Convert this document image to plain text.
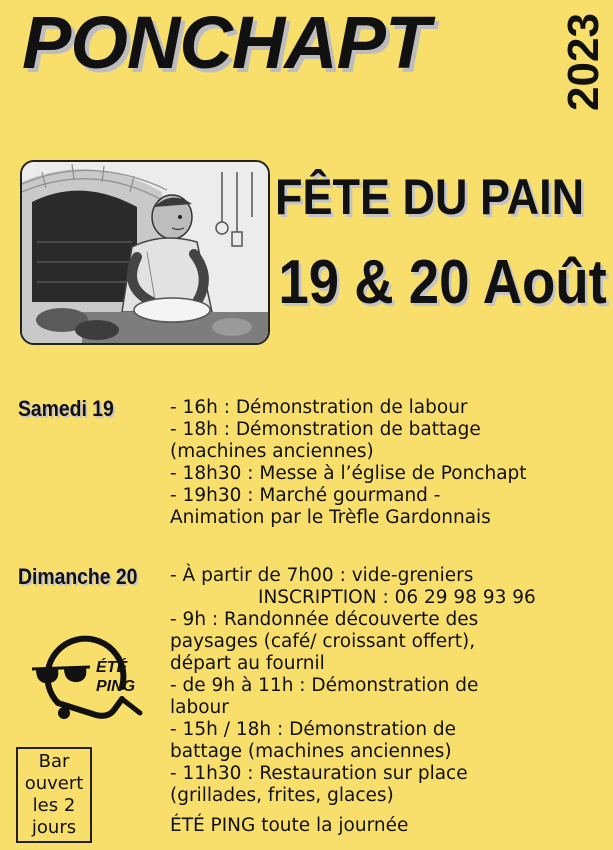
PONCHAPT	2023
FÊTE DU PAIN
19 & 20 Août
Samedi 19	- 16h : Démonstration de labour
- 18h : Démonstration de battage
(machines anciennes)
- 18h30 : Messe à l’église de Ponchapt
- 19h30 : Marché gourmand -
Animation par le Trèfle Gardonnais
Dimanche 20 - À partir de 7h00 : vide-greniers
INSCRIPTION : 06 29 98 93 96
- 9h : Randonnée découverte des
paysages (café/ croissant offert),
départ au fournil
- de 9h à 11h : Démonstration de
labour
- 15h / 18h : Démonstration de
battage (machines anciennes)
- 11h30 : Restauration sur place
(grillades, frites, glaces)
ÉTÉ PING toute la journée
ÉTÉ
PING
Bar
ouvert
les 2
jours
